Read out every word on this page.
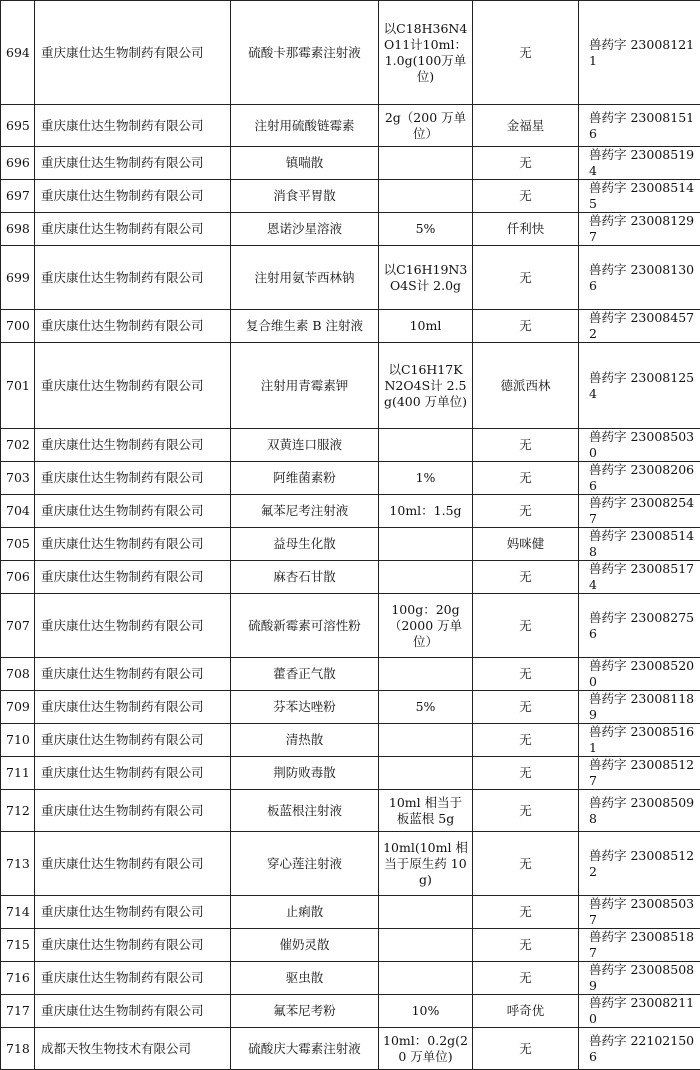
694	重庆康仕达生物制药有限公司	硫酸卡那霉素注射液	以C18H36N4O11计10ml：1.0g(100万单位)	无	兽药字 230081211
695	重庆康仕达生物制药有限公司	注射用硫酸链霉素	2g（200 万单位）	金福星	兽药字 230081516
696	重庆康仕达生物制药有限公司	镇喘散		无	兽药字 230085194
697	重庆康仕达生物制药有限公司	消食平胃散		无	兽药字 230085145
698	重庆康仕达生物制药有限公司	恩诺沙星溶液	5%	仟利快	兽药字 230081297
699	重庆康仕达生物制药有限公司	注射用氨苄西林钠	以C16H19N3O4S计 2.0g	无	兽药字 230081306
700	重庆康仕达生物制药有限公司	复合维生素 B 注射液	10ml	无	兽药字 230084572
701	重庆康仕达生物制药有限公司	注射用青霉素钾	以C16H17KN2O4S计 2.5g(400 万单位)	德派西林	兽药字 230081254
702	重庆康仕达生物制药有限公司	双黄连口服液		无	兽药字 230085030
703	重庆康仕达生物制药有限公司	阿维菌素粉	1%	无	兽药字 230082066
704	重庆康仕达生物制药有限公司	氟苯尼考注射液	10ml：1.5g	无	兽药字 230082547
705	重庆康仕达生物制药有限公司	益母生化散		妈咪健	兽药字 230085148
706	重庆康仕达生物制药有限公司	麻杏石甘散		无	兽药字 230085174
707	重庆康仕达生物制药有限公司	硫酸新霉素可溶性粉	100g：20g（2000 万单位）	无	兽药字 230082756
708	重庆康仕达生物制药有限公司	藿香正气散		无	兽药字 230085200
709	重庆康仕达生物制药有限公司	芬苯达唑粉	5%	无	兽药字 230081189
710	重庆康仕达生物制药有限公司	清热散		无	兽药字 230085161
711	重庆康仕达生物制药有限公司	荆防败毒散		无	兽药字 230085127
712	重庆康仕达生物制药有限公司	板蓝根注射液	10ml 相当于板蓝根 5g	无	兽药字 230085098
713	重庆康仕达生物制药有限公司	穿心莲注射液	10ml(10ml 相当于原生药 10g)	无	兽药字 230085122
714	重庆康仕达生物制药有限公司	止痢散		无	兽药字 230085037
715	重庆康仕达生物制药有限公司	催奶灵散		无	兽药字 230085187
716	重庆康仕达生物制药有限公司	驱虫散		无	兽药字 230085089
717	重庆康仕达生物制药有限公司	氟苯尼考粉	10%	呼奇优	兽药字 230082110
718	成都天牧生物技术有限公司	硫酸庆大霉素注射液	10ml：0.2g(20 万单位)	无	兽药字 221021506
